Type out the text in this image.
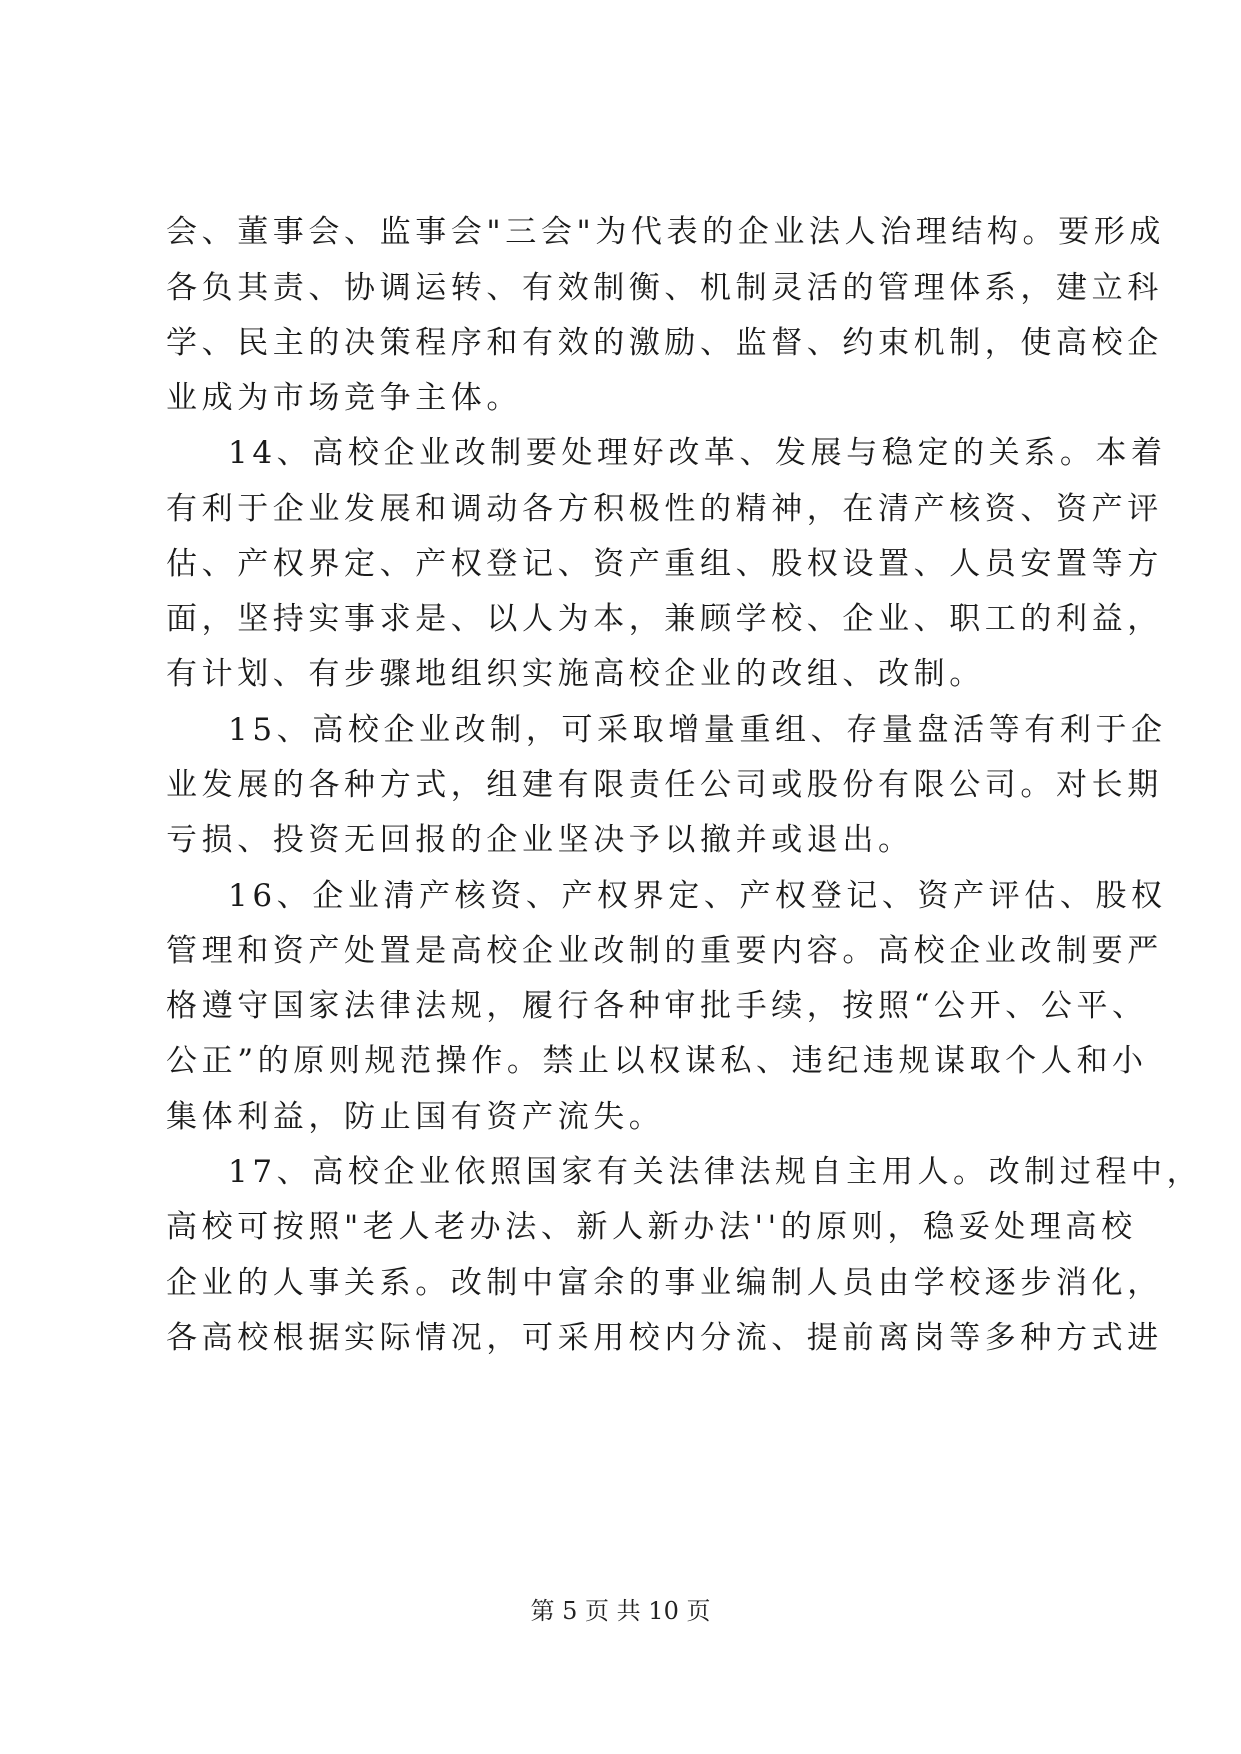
会、董事会、监事会"三会"为代表的企业法人治理结构。要形成
各负其责、协调运转、有效制衡、机制灵活的管理体系，建立科
学、民主的决策程序和有效的激励、监督、约束机制，使高校企
业成为市场竞争主体。
14、高校企业改制要处理好改革、发展与稳定的关系。本着
有利于企业发展和调动各方积极性的精神，在清产核资、资产评
估、产权界定、产权登记、资产重组、股权设置、人员安置等方
面，坚持实事求是、以人为本，兼顾学校、企业、职工的利益，
有计划、有步骤地组织实施高校企业的改组、改制。
15、高校企业改制，可采取增量重组、存量盘活等有利于企
业发展的各种方式，组建有限责任公司或股份有限公司。对长期
亏损、投资无回报的企业坚决予以撤并或退出。
16、企业清产核资、产权界定、产权登记、资产评估、股权
管理和资产处置是高校企业改制的重要内容。高校企业改制要严
格遵守国家法律法规，履行各种审批手续，按照“公开、公平、
公正”的原则规范操作。禁止以权谋私、违纪违规谋取个人和小
集体利益，防止国有资产流失。
17、高校企业依照国家有关法律法规自主用人。改制过程中，
高校可按照"老人老办法、新人新办法''的原则，稳妥处理高校
企业的人事关系。改制中富余的事业编制人员由学校逐步消化，
各高校根据实际情况，可采用校内分流、提前离岗等多种方式进
第 5 页 共 10 页
